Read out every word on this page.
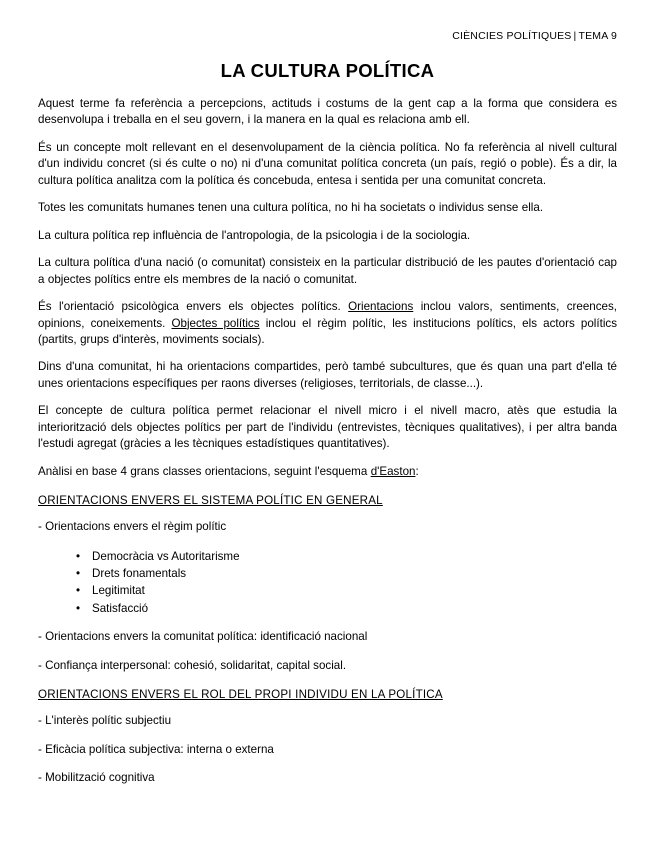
CIÈNCIES POLÍTIQUES | TEMA 9
LA CULTURA POLÍTICA

Aquest terme fa referència a percepcions, actituds i costums de la gent cap a la forma que considera es desenvolupa i treballa en el seu govern, i la manera en la qual es relaciona amb ell.

És un concepte molt rellevant en el desenvolupament de la ciència política. No fa referència al nivell cultural d'un individu concret (si és culte o no) ni d'una comunitat política concreta (un país, regió o poble). És a dir, la cultura política analitza com la política és concebuda, entesa i sentida per una comunitat concreta.

Totes les comunitats humanes tenen una cultura política, no hi ha societats o individus sense ella.

La cultura política rep influència de l'antropologia, de la psicologia i de la sociologia.

La cultura política d'una nació (o comunitat) consisteix en la particular distribució de les pautes d'orientació cap a objectes polítics entre els membres de la nació o comunitat.

És l'orientació psicològica envers els objectes polítics. Orientacions inclou valors, sentiments, creences, opinions, coneixements. Objectes polítics inclou el règim polític, les institucions polítics, els actors polítics (partits, grups d'interès, moviments socials).

Dins d'una comunitat, hi ha orientacions compartides, però també subcultures, que és quan una part d'ella té unes orientacions específiques per raons diverses (religioses, territorials, de classe...).

El concepte de cultura política permet relacionar el nivell micro i el nivell macro, atès que estudia la interiorització dels objectes polítics per part de l'individu (entrevistes, tècniques qualitatives), i per altra banda l'estudi agregat (gràcies a les tècniques estadístiques quantitatives).

Anàlisi en base 4 grans classes orientacions, seguint l'esquema d'Easton:

ORIENTACIONS ENVERS EL SISTEMA POLÍTIC EN GENERAL
- Orientacions envers el règim polític
• Democràcia vs Autoritarisme
• Drets fonamentals
• Legitimitat
• Satisfacció
- Orientacions envers la comunitat política: identificació nacional
- Confiança interpersonal: cohesió, solidaritat, capital social.
ORIENTACIONS ENVERS EL ROL DEL PROPI INDIVIDU EN LA POLÍTICA
- L'interès polític subjectiu
- Eficàcia política subjectiva: interna o externa
- Mobilització cognitiva
